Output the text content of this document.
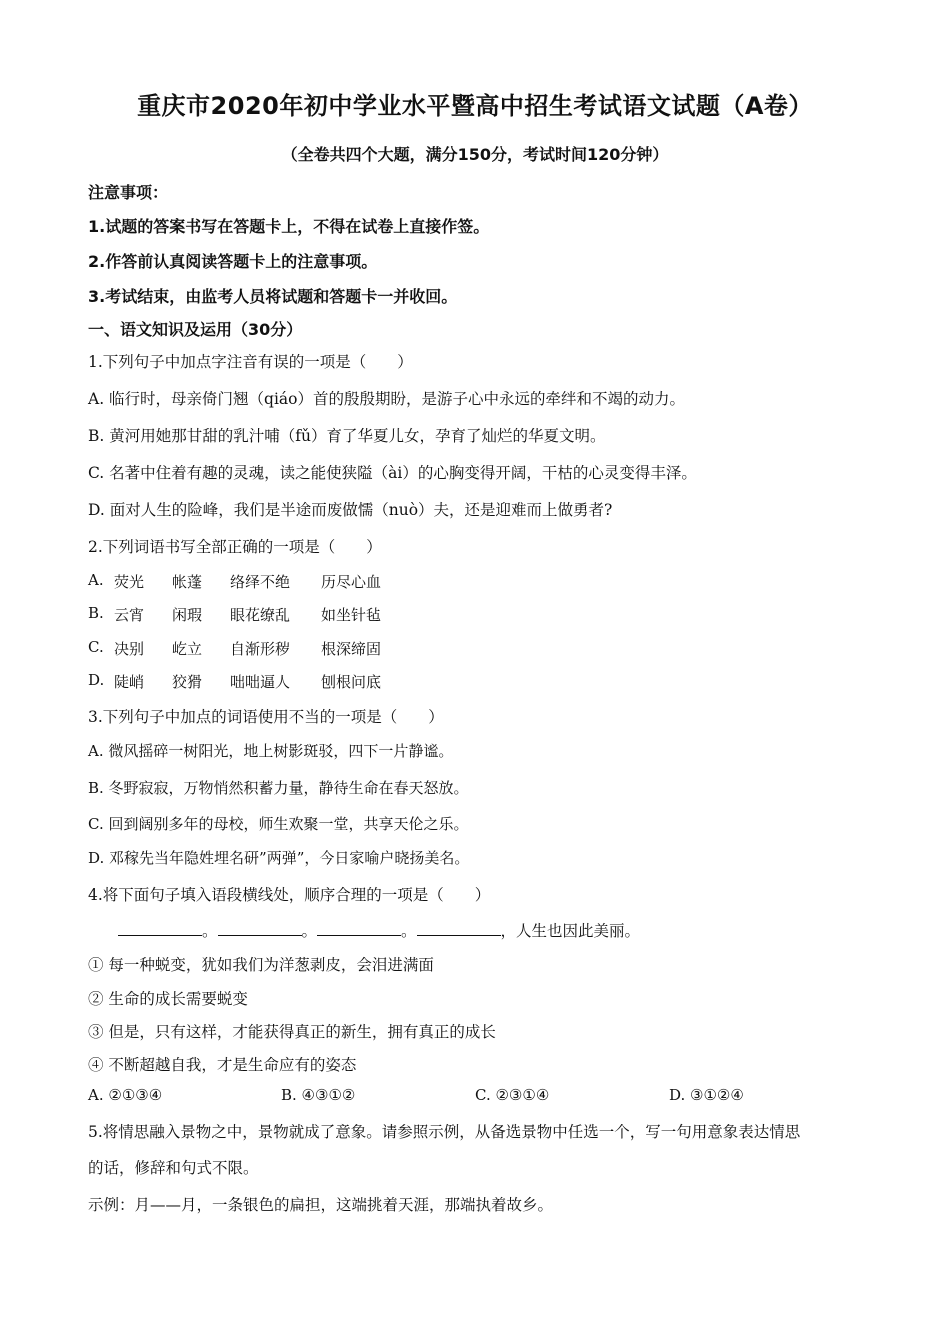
重庆市2020年初中学业水平暨高中招生考试语文试题（A卷）
（全卷共四个大题，满分150分，考试时间120分钟）
注意事项：
1.试题的答案书写在答题卡上，不得在试卷上直接作签。
2.作答前认真阅读答题卡上的注意事项。
3.考试结束，由监考人员将试题和答题卡一并收回。
一、语文知识及运用（30分）
1.下列句子中加点字注音有误的一项是（　　）
A. 临行时，母亲倚门翘（qiáo）首的殷殷期盼，是游子心中永远的牵绊和不竭的动力。
B. 黄河用她那甘甜的乳汁哺（fǔ）育了华夏儿女，孕育了灿烂的华夏文明。
C. 名著中住着有趣的灵魂，读之能使狭隘（ài）的心胸变得开阔，干枯的心灵变得丰泽。
D. 面对人生的险峰，我们是半途而废做懦（nuò）夫，还是迎难而上做勇者?
2.下列词语书写全部正确的一项是（　　）
A. 荧光 帐蓬 络绎不绝 历尽心血
B. 云宵 闲瑕 眼花缭乱 如坐针毡
C. 决别 屹立 自渐形秽 根深缔固
D. 陡峭 狡猾 咄咄逼人 刨根问底
3.下列句子中加点的词语使用不当的一项是（　　）
A. 微风摇碎一树阳光，地上树影斑驳，四下一片静谧。
B. 冬野寂寂，万物悄然积蓄力量，静待生命在春天怒放。
C. 回到阔别多年的母校，师生欢聚一堂，共享天伦之乐。
D. 邓稼先当年隐姓埋名研”两弹”，今日家喻户晓扬美名。
4.将下面句子填入语段横线处，顺序合理的一项是（　　）
。	。	。	，人生也因此美丽。
① 每一种蜕变，犹如我们为洋葱剥皮，会泪进满面
② 生命的成长需要蜕变
③ 但是，只有这样，才能获得真正的新生，拥有真正的成长
④ 不断超越自我，才是生命应有的姿态
A. ②①③④	B. ④③①②	C. ②③①④	D. ③①②④
5.将情思融入景物之中，景物就成了意象。请参照示例，从备选景物中任选一个，写一句用意象表达情思
的话，修辞和句式不限。
示例：月——月，一条银色的扁担，这端挑着天涯，那端执着故乡。
